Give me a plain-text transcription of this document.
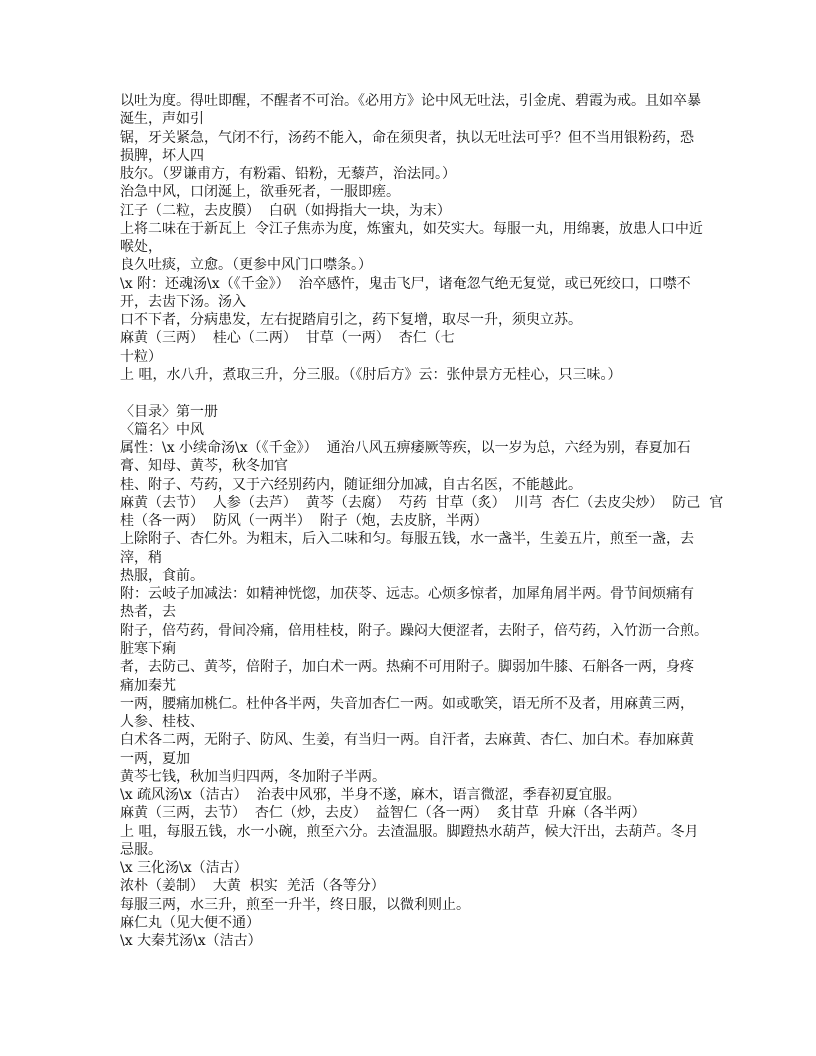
以吐为度。得吐即醒，不醒者不可治。《必用方》论中风无吐法，引金虎、碧霞为戒。且如卒暴
涎生，声如引
锯，牙关紧急，气闭不行，汤药不能入，命在须臾者，执以无吐法可乎？但不当用银粉药，恐
损脾，坏人四
肢尔。（罗谦甫方，有粉霜、铅粉，无藜芦，治法同。）
治急中风，口闭涎上，欲垂死者，一服即瘥。
江子（二粒，去皮膜）  白矾（如拇指大一块，为末）
上将二味在于新瓦上  令江子焦赤为度，炼蜜丸，如芡实大。每服一丸，用绵裹，放患人口中近
喉处，
良久吐痰，立愈。（更参中风门口噤条。）
\x 附：还魂汤\x（《千金》）  治卒感忤，鬼击飞尸，诸奄忽气绝无复觉，或已死绞口，口噤不
开，去齿下汤。汤入
口不下者，分病患发，左右捉踏肩引之，药下复增，取尽一升，须臾立苏。
麻黄（三两）  桂心（二两）  甘草（一两）  杏仁（七
十粒）
上 咀，水八升，煮取三升，分三服。（《肘后方》云：张仲景方无桂心，只三味。）
〈目录〉第一册
〈篇名〉中风
属性：\x 小续命汤\x（《千金》）  通治八风五痹痿厥等疾，以一岁为总，六经为别，春夏加石
膏、知母、黄芩，秋冬加官
桂、附子、芍药，又于六经别药内，随证细分加减，自古名医，不能越此。
麻黄（去节）  人参（去芦）  黄芩（去腐）  芍药  甘草（炙）  川芎  杏仁（去皮尖炒）  防己  官
桂（各一两）  防风（一两半）  附子（炮，去皮脐，半两）
上除附子、杏仁外。为粗末，后入二味和匀。每服五钱，水一盏半，生姜五片，煎至一盏，去
滓，稍
热服，食前。
附：云岐子加减法：如精神恍惚，加茯苓、远志。心烦多惊者，加犀角屑半两。骨节间烦痛有
热者，去
附子，倍芍药，骨间冷痛，倍用桂枝，附子。躁闷大便涩者，去附子，倍芍药，入竹沥一合煎。
脏寒下痢
者，去防己、黄芩，倍附子，加白术一两。热痢不可用附子。脚弱加牛膝、石斛各一两，身疼
痛加秦艽
一两，腰痛加桃仁。杜仲各半两，失音加杏仁一两。如或歌笑，语无所不及者，用麻黄三两，
人参、桂枝、
白术各二两，无附子、防风、生姜，有当归一两。自汗者，去麻黄、杏仁、加白术。春加麻黄
一两，夏加
黄芩七钱，秋加当归四两，冬加附子半两。
\x 疏风汤\x（洁古）  治表中风邪，半身不遂，麻木，语言微涩，季春初夏宜服。
麻黄（三两，去节）  杏仁（炒，去皮）  益智仁（各一两）  炙甘草  升麻（各半两）
上 咀，每服五钱，水一小碗，煎至六分。去渣温服。脚蹬热水葫芦，候大汗出，去葫芦。冬月
忌服。
\x 三化汤\x（洁古）
浓朴（姜制）  大黄  枳实  羌活（各等分）
每服三两，水三升，煎至一升半，终日服，以微利则止。
麻仁丸（见大便不通）
\x 大秦艽汤\x（洁古）
